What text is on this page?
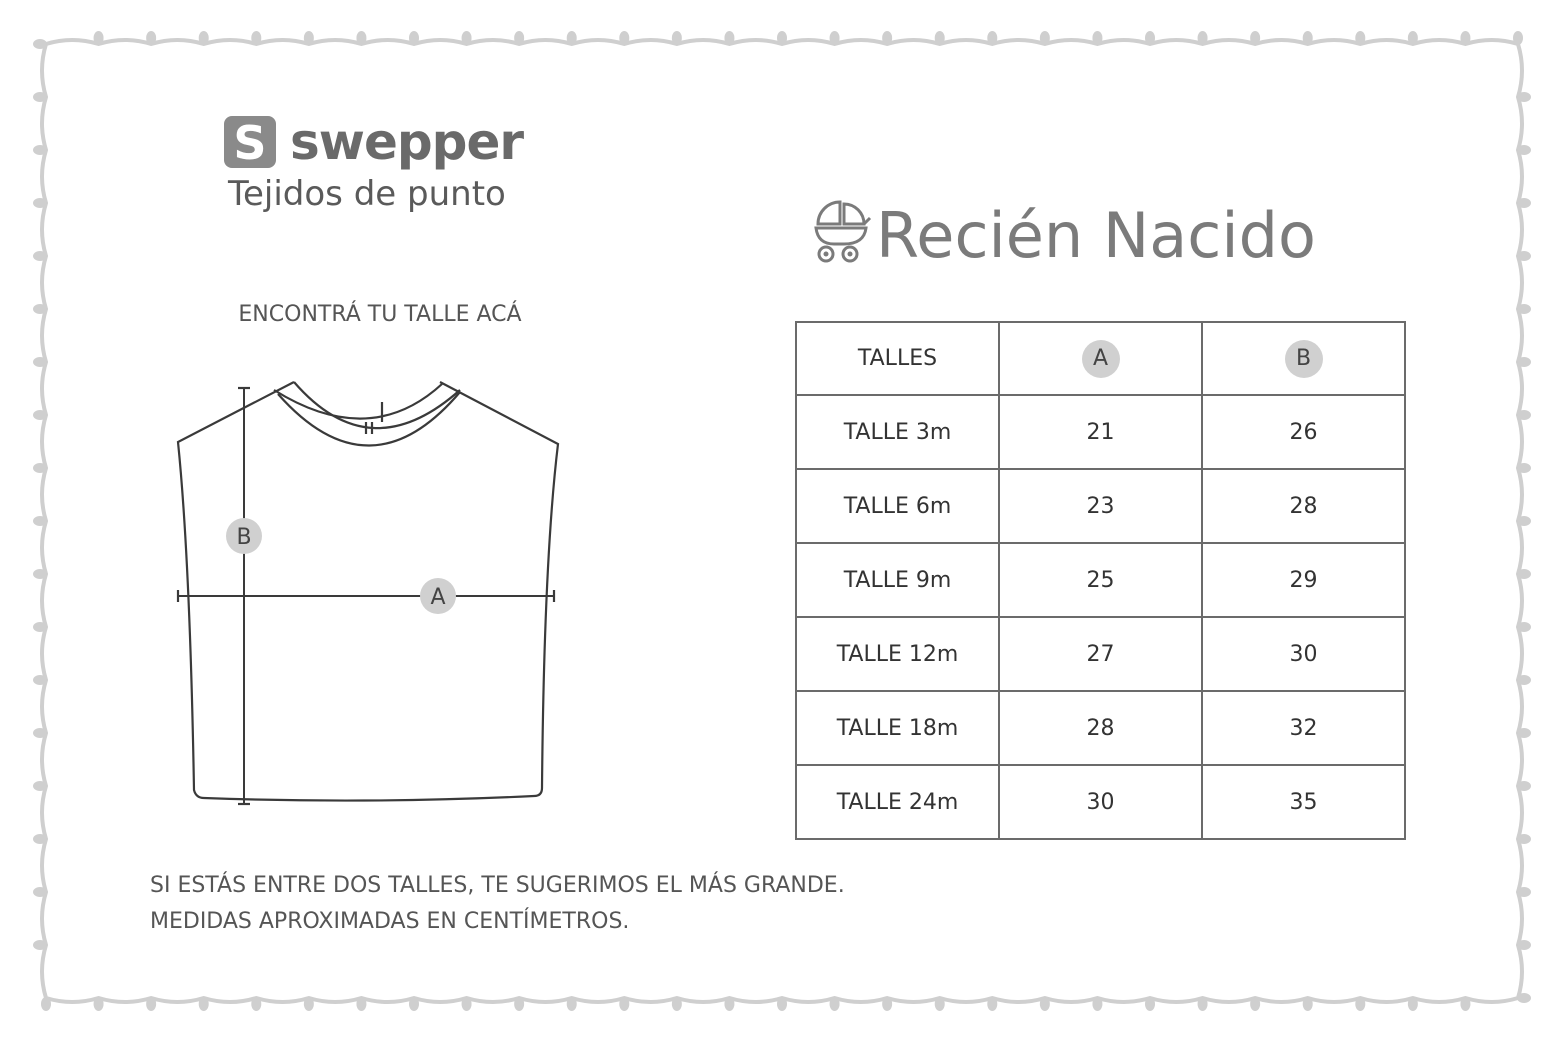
S swepper
Tejidos de punto
Recién Nacido
ENCONTRÁ TU TALLE ACÁ
B
A
TALLES	A	B
TALLE 3m	21	26
TALLE 6m	23	28
TALLE 9m	25	29
TALLE 12m	27	30
TALLE 18m	28	32
TALLE 24m	30	35
SI ESTÁS ENTRE DOS TALLES, TE SUGERIMOS EL MÁS GRANDE.
MEDIDAS APROXIMADAS EN CENTÍMETROS.
